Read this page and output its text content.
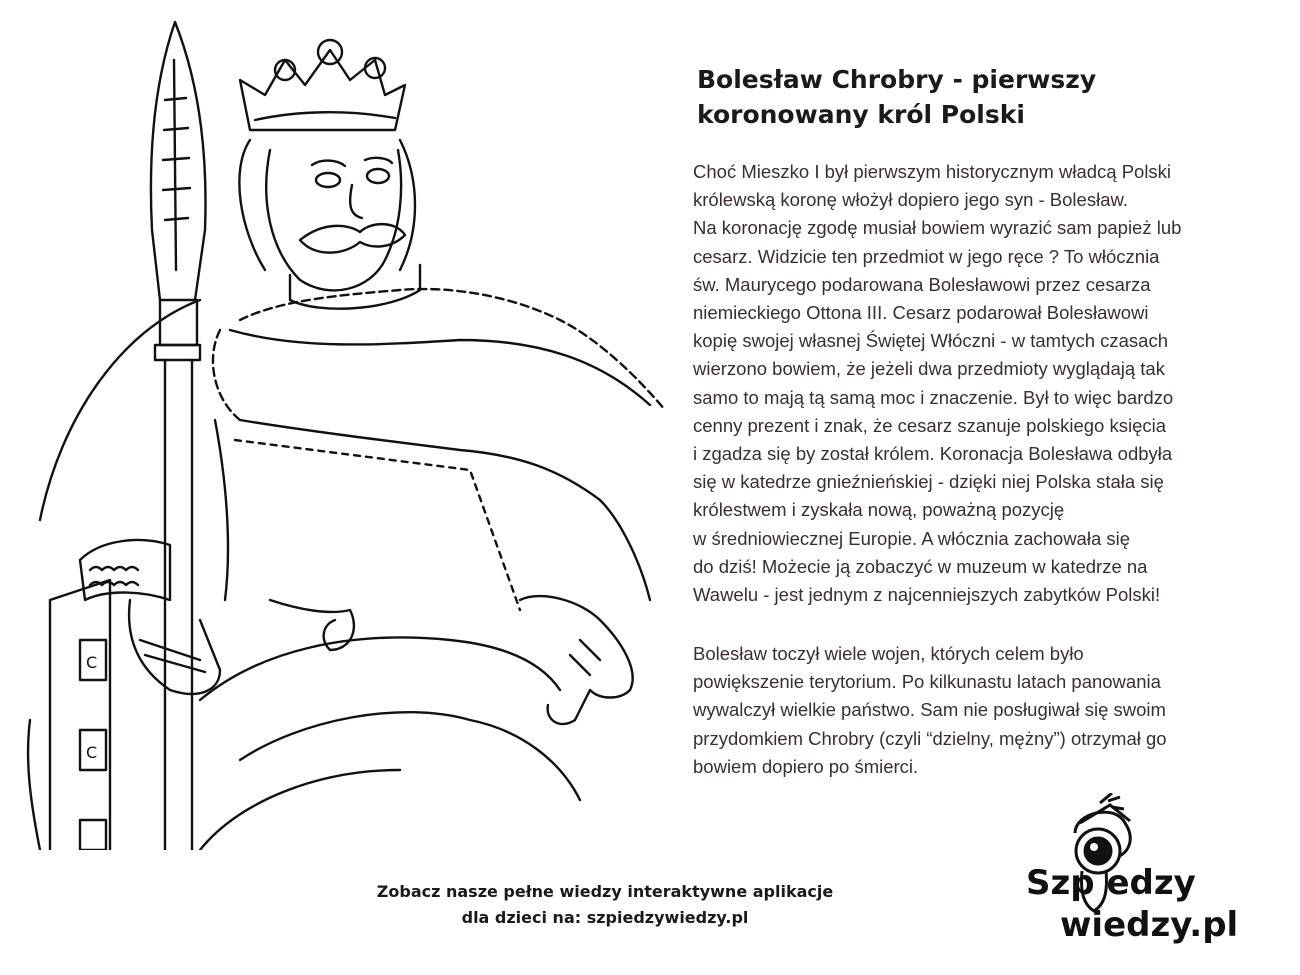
C
C
Bolesław Chrobry - pierwszy
koronowany król Polski

Choć Mieszko I był pierwszym historycznym władcą Polski
królewską koronę włożył dopiero jego syn - Bolesław.
Na koronację zgodę musiał bowiem wyrazić sam papież lub
cesarz. Widzicie ten przedmiot w jego ręce ? To włócznia
św. Maurycego podarowana Bolesławowi przez cesarza
niemieckiego Ottona III. Cesarz podarował Bolesławowi
kopię swojej własnej Świętej Włóczni - w tamtych czasach
wierzono bowiem, że jeżeli dwa przedmioty wyglądają tak
samo to mają tą samą moc i znaczenie. Był to więc bardzo
cenny prezent i znak, że cesarz szanuje polskiego księcia
i zgadza się by został królem. Koronacja Bolesława odbyła
się w katedrze gnieźnieńskiej - dzięki niej Polska stała się
królestwem i zyskała nową, poważną pozycję
w średniowiecznej Europie. A włócznia zachowała się
do dziś! Możecie ją zobaczyć w muzeum w katedrze na
Wawelu - jest jednym z najcenniejszych zabytków Polski!

Bolesław toczył wiele wojen, których celem było
powiększenie terytorium. Po kilkunastu latach panowania
wywalczył wielkie państwo. Sam nie posługiwał się swoim
przydomkiem Chrobry (czyli “dzielny, mężny”) otrzymał go
bowiem dopiero po śmierci.

Zobacz nasze pełne wiedzy interaktywne aplikacje
dla dzieci na: szpiedzywiedzy.pl
Szp edzy
wiedzy.pl
